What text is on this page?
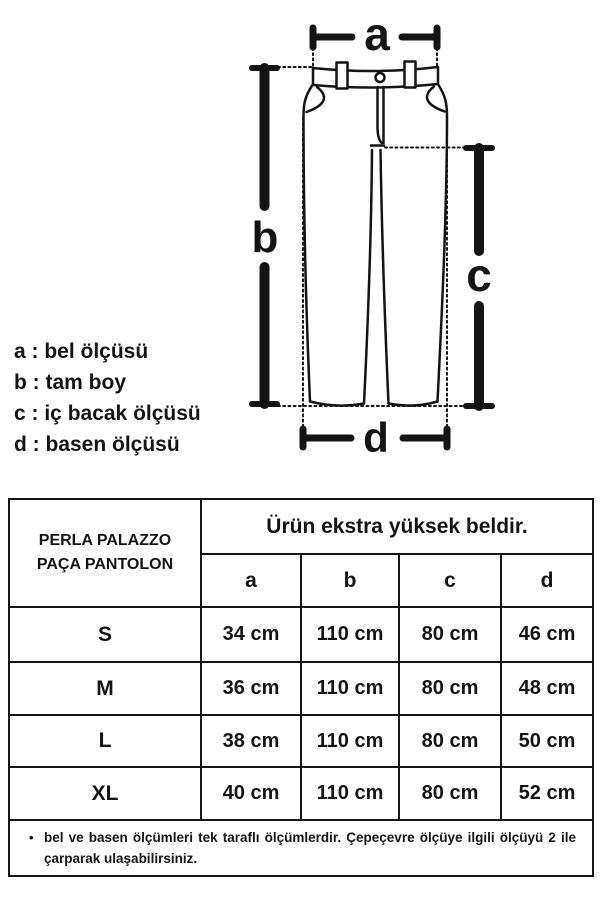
a
b
c
d
a : bel ölçüsü
b : tam boy
c : iç bacak ölçüsü
d : basen ölçüsü
PERLA PALAZZO
PAÇA PANTOLON	Ürün ekstra yüksek beldir.			
	a	b	c	d
S	34 cm	110 cm	80 cm	46 cm
M	36 cm	110 cm	80 cm	48 cm
L	38 cm	110 cm	80 cm	50 cm
XL	40 cm	110 cm	80 cm	52 cm

• bel ve basen ölçümleri tek taraflı ölçümlerdir. Çepeçevre ölçüye ilgili ölçüyü 2 ile çarparak ulaşabilirsiniz.				
